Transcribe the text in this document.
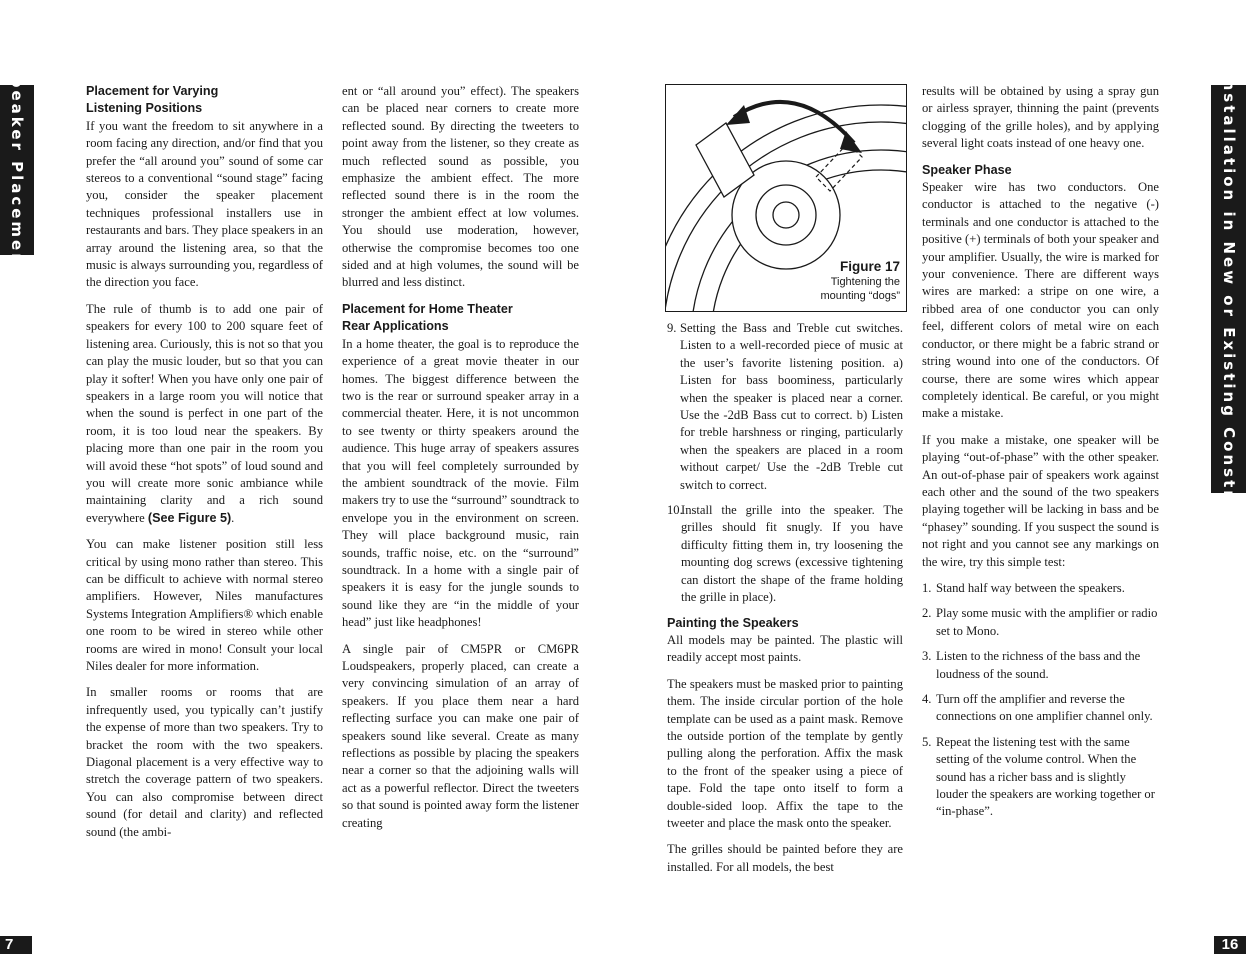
Speaker Placement	Final Installation in New or Existing Construction
7	16
Placement for Varying Listening Positions

If you want the freedom to sit anywhere in a room facing any direction, and/or find that you prefer the “all around you” sound of some car stereos to a conventional “sound stage” facing you, consider the speaker placement techniques professional installers use in restaurants and bars. They place speakers in an array around the listening area, so that the music is always surrounding you, regardless of the direction you face.

The rule of thumb is to add one pair of speakers for every 100 to 200 square feet of listening area. Curiously, this is not so that you can play the music louder, but so that you can play it softer! When you have only one pair of speakers in a large room you will notice that when the sound is perfect in one part of the room, it is too loud near the speakers. By placing more than one pair in the room you will avoid these “hot spots” of loud sound and you will create more sonic ambiance while maintaining clarity and a rich sound everywhere (See Figure 5).

You can make listener position still less critical by using mono rather than stereo. This can be difficult to achieve with normal stereo amplifiers. However, Niles manufactures Systems Integration Amplifiers® which enable one room to be wired in stereo while other rooms are wired in mono! Consult your local Niles dealer for more information.

In smaller rooms or rooms that are infrequently used, you typically can’t justify the expense of more than two speakers. Try to bracket the room with the two speakers. Diagonal placement is a very effective way to stretch the coverage pattern of two speakers. You can also compromise between direct sound (for detail and clarity) and reflected sound (the ambi-

ent or “all around you” effect). The speakers can be placed near corners to create more reflected sound. By directing the tweeters to point away from the listener, so they create as much reflected sound as possible, you emphasize the ambient effect. The more reflected sound there is in the room the stronger the ambient effect at low volumes. You should use moderation, however, otherwise the compromise becomes too one sided and at high volumes, the sound will be blurred and less distinct.

Placement for Home Theater Rear Applications

In a home theater, the goal is to reproduce the experience of a great movie theater in our homes. The biggest difference between the two is the rear or surround speaker array in a commercial theater. Here, it is not uncommon to see twenty or thirty speakers around the audience. This huge array of speakers assures that you will feel completely surrounded by the ambient soundtrack of the movie. Film makers try to use the “surround” soundtrack to envelope you in the environment on screen. They will place background music, rain sounds, traffic noise, etc. on the “surround” soundtrack. In a home with a single pair of speakers it is easy for the jungle sounds to sound like they are “in the middle of your head” just like headphones!

A single pair of CM5PR or CM6PR Loudspeakers, properly placed, can create a very convincing simulation of an array of speakers. If you place them near a hard reflecting surface you can make one pair of speakers sound like several. Create as many reflections as possible by placing the speakers near a corner so that the adjoining walls will act as a powerful reflector. Direct the tweeters so that sound is pointed away form the listener creating

Figure 17
Tightening the
mounting “dogs”
9. Setting the Bass and Treble cut switches. Listen to a well-recorded piece of music at the user’s favorite listening position. a) Listen for bass boominess, particularly when the speaker is placed near a corner. Use the -2dB Bass cut to correct. b) Listen for treble harshness or ringing, particularly when the speakers are placed in a room without carpet/ Use the -2dB Treble cut switch to correct.
10.
Install the grille into the speaker. The grilles should fit snugly. If you have difficulty fitting them in, try loosening the mounting dog screws (excessive tightening can distort the shape of the frame holding the grille in place).
Painting the Speakers

All models may be painted. The plastic will readily accept most paints.

The speakers must be masked prior to painting them. The inside circular portion of the hole template can be used as a paint mask. Remove the outside portion of the template by gently pulling along the perforation. Affix the mask to the front of the speaker using a piece of tape. Fold the tape onto itself to form a double-sided loop. Affix the tape to the tweeter and place the mask onto the speaker.

The grilles should be painted before they are installed. For all models, the best

results will be obtained by using a spray gun or airless sprayer, thinning the paint (prevents clogging of the grille holes), and by applying several light coats instead of one heavy one.

Speaker Phase

Speaker wire has two conductors. One conductor is attached to the negative (-) terminals and one conductor is attached to the positive (+) terminals of both your speaker and your amplifier. Usually, the wire is marked for your convenience. There are different ways wires are marked: a stripe on one wire, a ribbed area of one conductor you can only feel, different colors of metal wire on each conductor, or there might be a fabric strand or string wound into one of the conductors. Of course, there are some wires which appear completely identical. Be careful, or you might make a mistake.

If you make a mistake, one speaker will be playing “out-of-phase” with the other speaker. An out-of-phase pair of speakers work against each other and the sound of the two speakers playing together will be lacking in bass and be “phasey” sounding. If you suspect the sound is not right and you cannot see any markings on the wire, try this simple test:

1. Stand half way between the speakers.
2. Play some music with the amplifier or radio set to Mono.
3. Listen to the richness of the bass and the loudness of the sound.
4. Turn off the amplifier and reverse the connections on one amplifier channel only.
5. Repeat the listening test with the same setting of the volume control. When the sound has a richer bass and is slightly louder the speakers are working together or “in-phase”.
